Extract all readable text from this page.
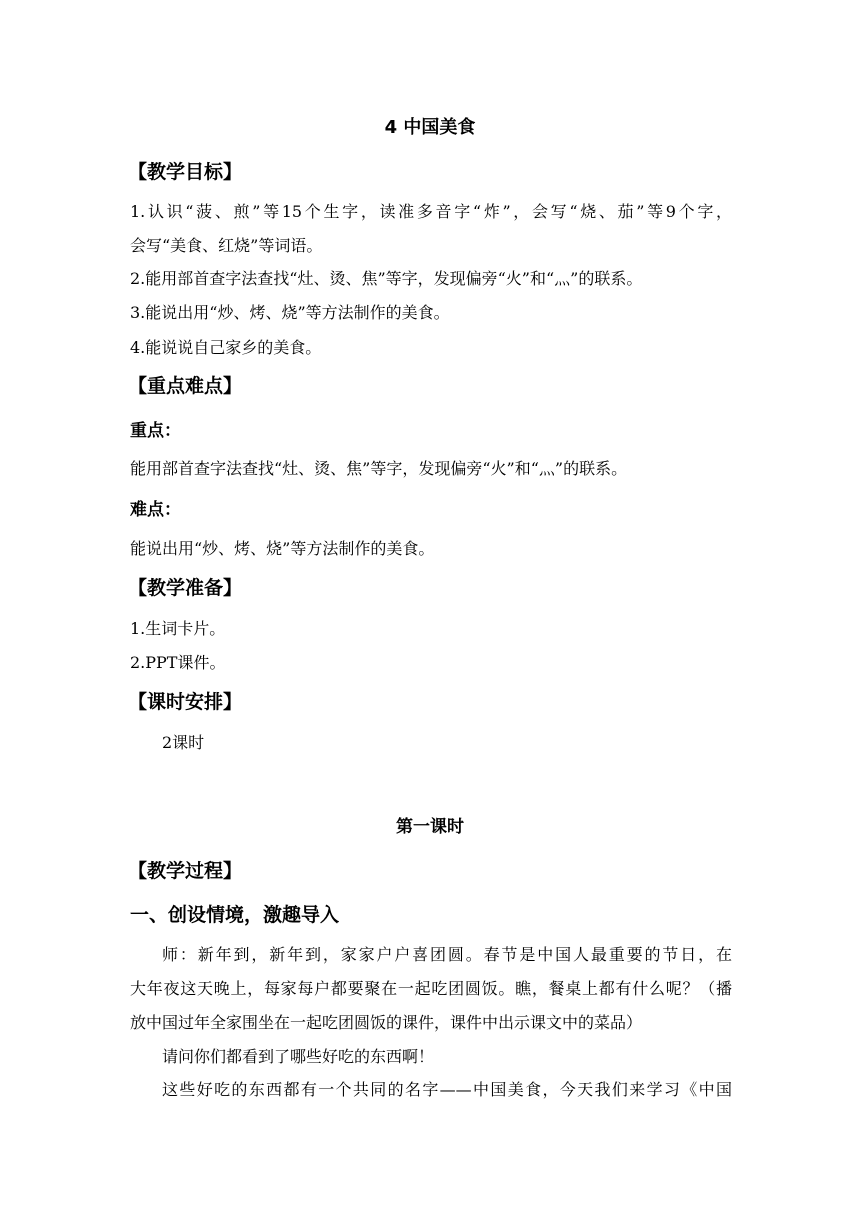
4 中国美食
【教学目标】
1.认识“菠、煎”等15个生字，读准多音字“炸”，会写“烧、茄”等9个字，
会写“美食、红烧”等词语。
2.能用部首查字法查找“灶、烫、焦”等字，发现偏旁“火”和“灬”的联系。
3.能说出用“炒、烤、烧”等方法制作的美食。
4.能说说自己家乡的美食。
【重点难点】
重点：
能用部首查字法查找“灶、烫、焦”等字，发现偏旁“火”和“灬”的联系。
难点：
能说出用“炒、烤、烧”等方法制作的美食。
【教学准备】
1.生词卡片。
2.PPT课件。
【课时安排】
2课时
第一课时
【教学过程】
一、创设情境，激趣导入
师：新年到，新年到，家家户户喜团圆。春节是中国人最重要的节日，在
大年夜这天晚上，每家每户都要聚在一起吃团圆饭。瞧，餐桌上都有什么呢？（播
放中国过年全家围坐在一起吃团圆饭的课件，课件中出示课文中的菜品）
请问你们都看到了哪些好吃的东西啊！
这些好吃的东西都有一个共同的名字——中国美食，今天我们来学习《中国
